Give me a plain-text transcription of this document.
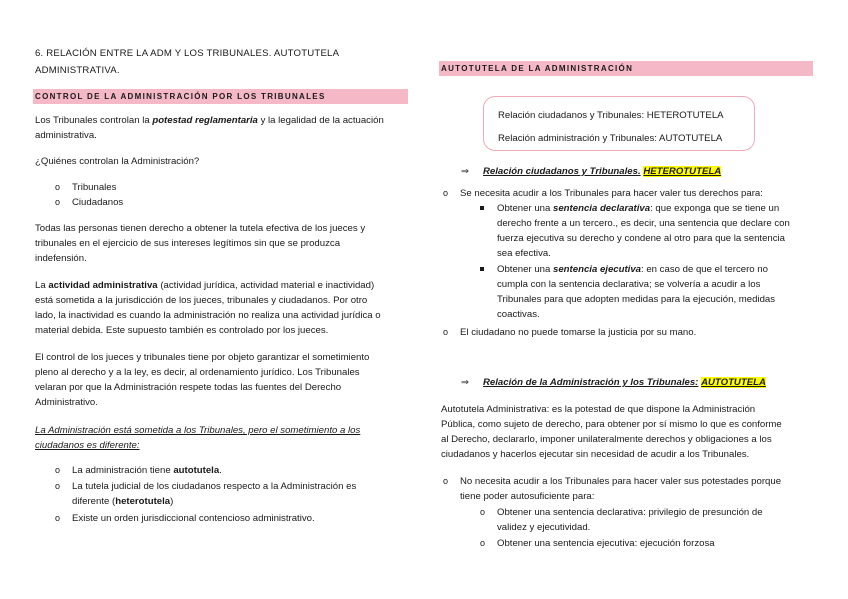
6. RELACIÓN ENTRE LA ADM Y LOS TRIBUNALES. AUTOTUTELA
ADMINISTRATIVA.
CONTROL DE LA ADMINISTRACIÓN POR LOS TRIBUNALES
Los Tribunales controlan la potestad reglamentaria y la legalidad de la actuación
administrativa.
¿Quiénes controlan la Administración?
o Tribunales
o Ciudadanos
Todas las personas tienen derecho a obtener la tutela efectiva de los jueces y
tribunales en el ejercicio de sus intereses legítimos sin que se produzca
indefensión.
La actividad administrativa (actividad jurídica, actividad material e inactividad)
está sometida a la jurisdicción de los jueces, tribunales y ciudadanos. Por otro
lado, la inactividad es cuando la administración no realiza una actividad jurídica o
material debida. Este supuesto también es controlado por los jueces.
El control de los jueces y tribunales tiene por objeto garantizar el sometimiento
pleno al derecho y a la ley, es decir, al ordenamiento jurídico. Los Tribunales
velaran por que la Administración respete todas las fuentes del Derecho
Administrativo.
La Administración está sometida a los Tribunales, pero el sometimiento a los
ciudadanos es diferente:
o La administración tiene autotutela.
o La tutela judicial de los ciudadanos respecto a la Administración es
diferente (heterotutela)
o Existe un orden jurisdiccional contencioso administrativo.
AUTOTUTELA DE LA ADMINISTRACIÓN
Relación ciudadanos y Tribunales: HETEROTUTELA
Relación administración y Tribunales: AUTOTUTELA
⇒ Relación ciudadanos y Tribunales. HETEROTUTELA
o Se necesita acudir a los Tribunales para hacer valer tus derechos para:
Obtener una sentencia declarativa: que exponga que se tiene un
derecho frente a un tercero., es decir, una sentencia que declare con
fuerza ejecutiva su derecho y condene al otro para que la sentencia
sea efectiva.
Obtener una sentencia ejecutiva: en caso de que el tercero no
cumpla con la sentencia declarativa; se volvería a acudir a los
Tribunales para que adopten medidas para la ejecución, medidas
coactivas.
o El ciudadano no puede tomarse la justicia por su mano.
⇒ Relación de la Administración y los Tribunales: AUTOTUTELA
Autotutela Administrativa: es la potestad de que dispone la Administración
Pública, como sujeto de derecho, para obtener por sí mismo lo que es conforme
al Derecho, declararlo, imponer unilateralmente derechos y obligaciones a los
ciudadanos y hacerlos ejecutar sin necesidad de acudir a los Tribunales.
o No necesita acudir a los Tribunales para hacer valer sus potestades porque
tiene poder autosuficiente para:
o Obtener una sentencia declarativa: privilegio de presunción de
validez y ejecutividad.
o Obtener una sentencia ejecutiva: ejecución forzosa
